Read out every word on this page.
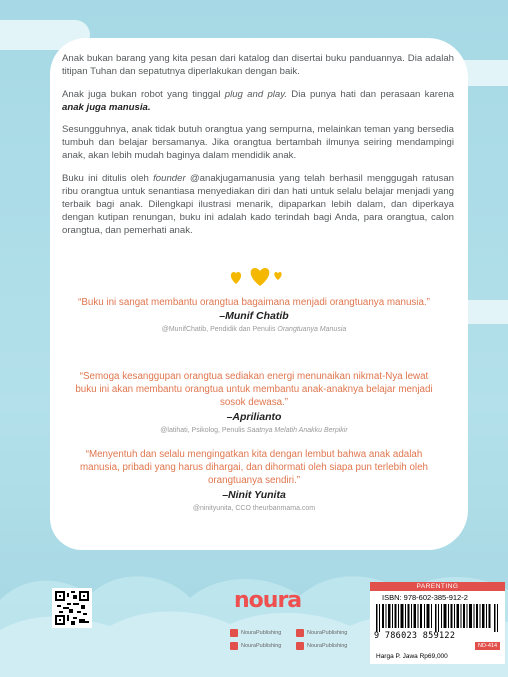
Anak bukan barang yang kita pesan dari katalog dan disertai buku panduannya. Dia adalah titipan Tuhan dan sepatutnya diperlakukan dengan baik.

Anak juga bukan robot yang tinggal plug and play. Dia punya hati dan perasaan karena anak juga manusia.

Sesungguhnya, anak tidak butuh orangtua yang sempurna, melainkan teman yang bersedia tumbuh dan belajar bersamanya. Jika orangtua bertambah ilmunya seiring mendampingi anak, akan lebih mudah baginya dalam mendidik anak.

Buku ini ditulis oleh founder @anakjugamanusia yang telah berhasil menggugah ratusan ribu orangtua untuk senantiasa menyediakan diri dan hati untuk selalu belajar menjadi yang terbaik bagi anak. Dilengkapi ilustrasi menarik, dipaparkan lebih dalam, dan diperkaya dengan kutipan renungan, buku ini adalah kado terindah bagi Anda, para orangtua, calon orangtua, dan pemerhati anak.

“Buku ini sangat membantu orangtua bagaimana menjadi orangtuanya manusia.”

–Munif Chatib

@MunifChatib, Pendidik dan Penulis Orangtuanya Manusia

“Semoga kesanggupan orangtua sediakan energi menunaikan nikmat-Nya lewat buku ini akan membantu orangtua untuk membantu anak-anaknya belajar menjadi sosok dewasa.”

–Aprilianto

@latihati, Psikolog, Penulis Saatnya Melatih Anakku Berpikir

“Menyentuh dan selalu mengingatkan kita dengan lembut bahwa anak adalah manusia, pribadi yang harus dihargai, dan dihormati oleh siapa pun terlebih oleh orangtuanya sendiri.”

–Ninit Yunita

@ninityunita, CCO theurbanmama.com

noura
NouraPublishing	NouraPublishing
NouraPublishing	NouraPublishing
PARENTING
ISBN: 978-602-385-912-2
9 786023 859122
ND-414
Harga P. Jawa Rp69,000
